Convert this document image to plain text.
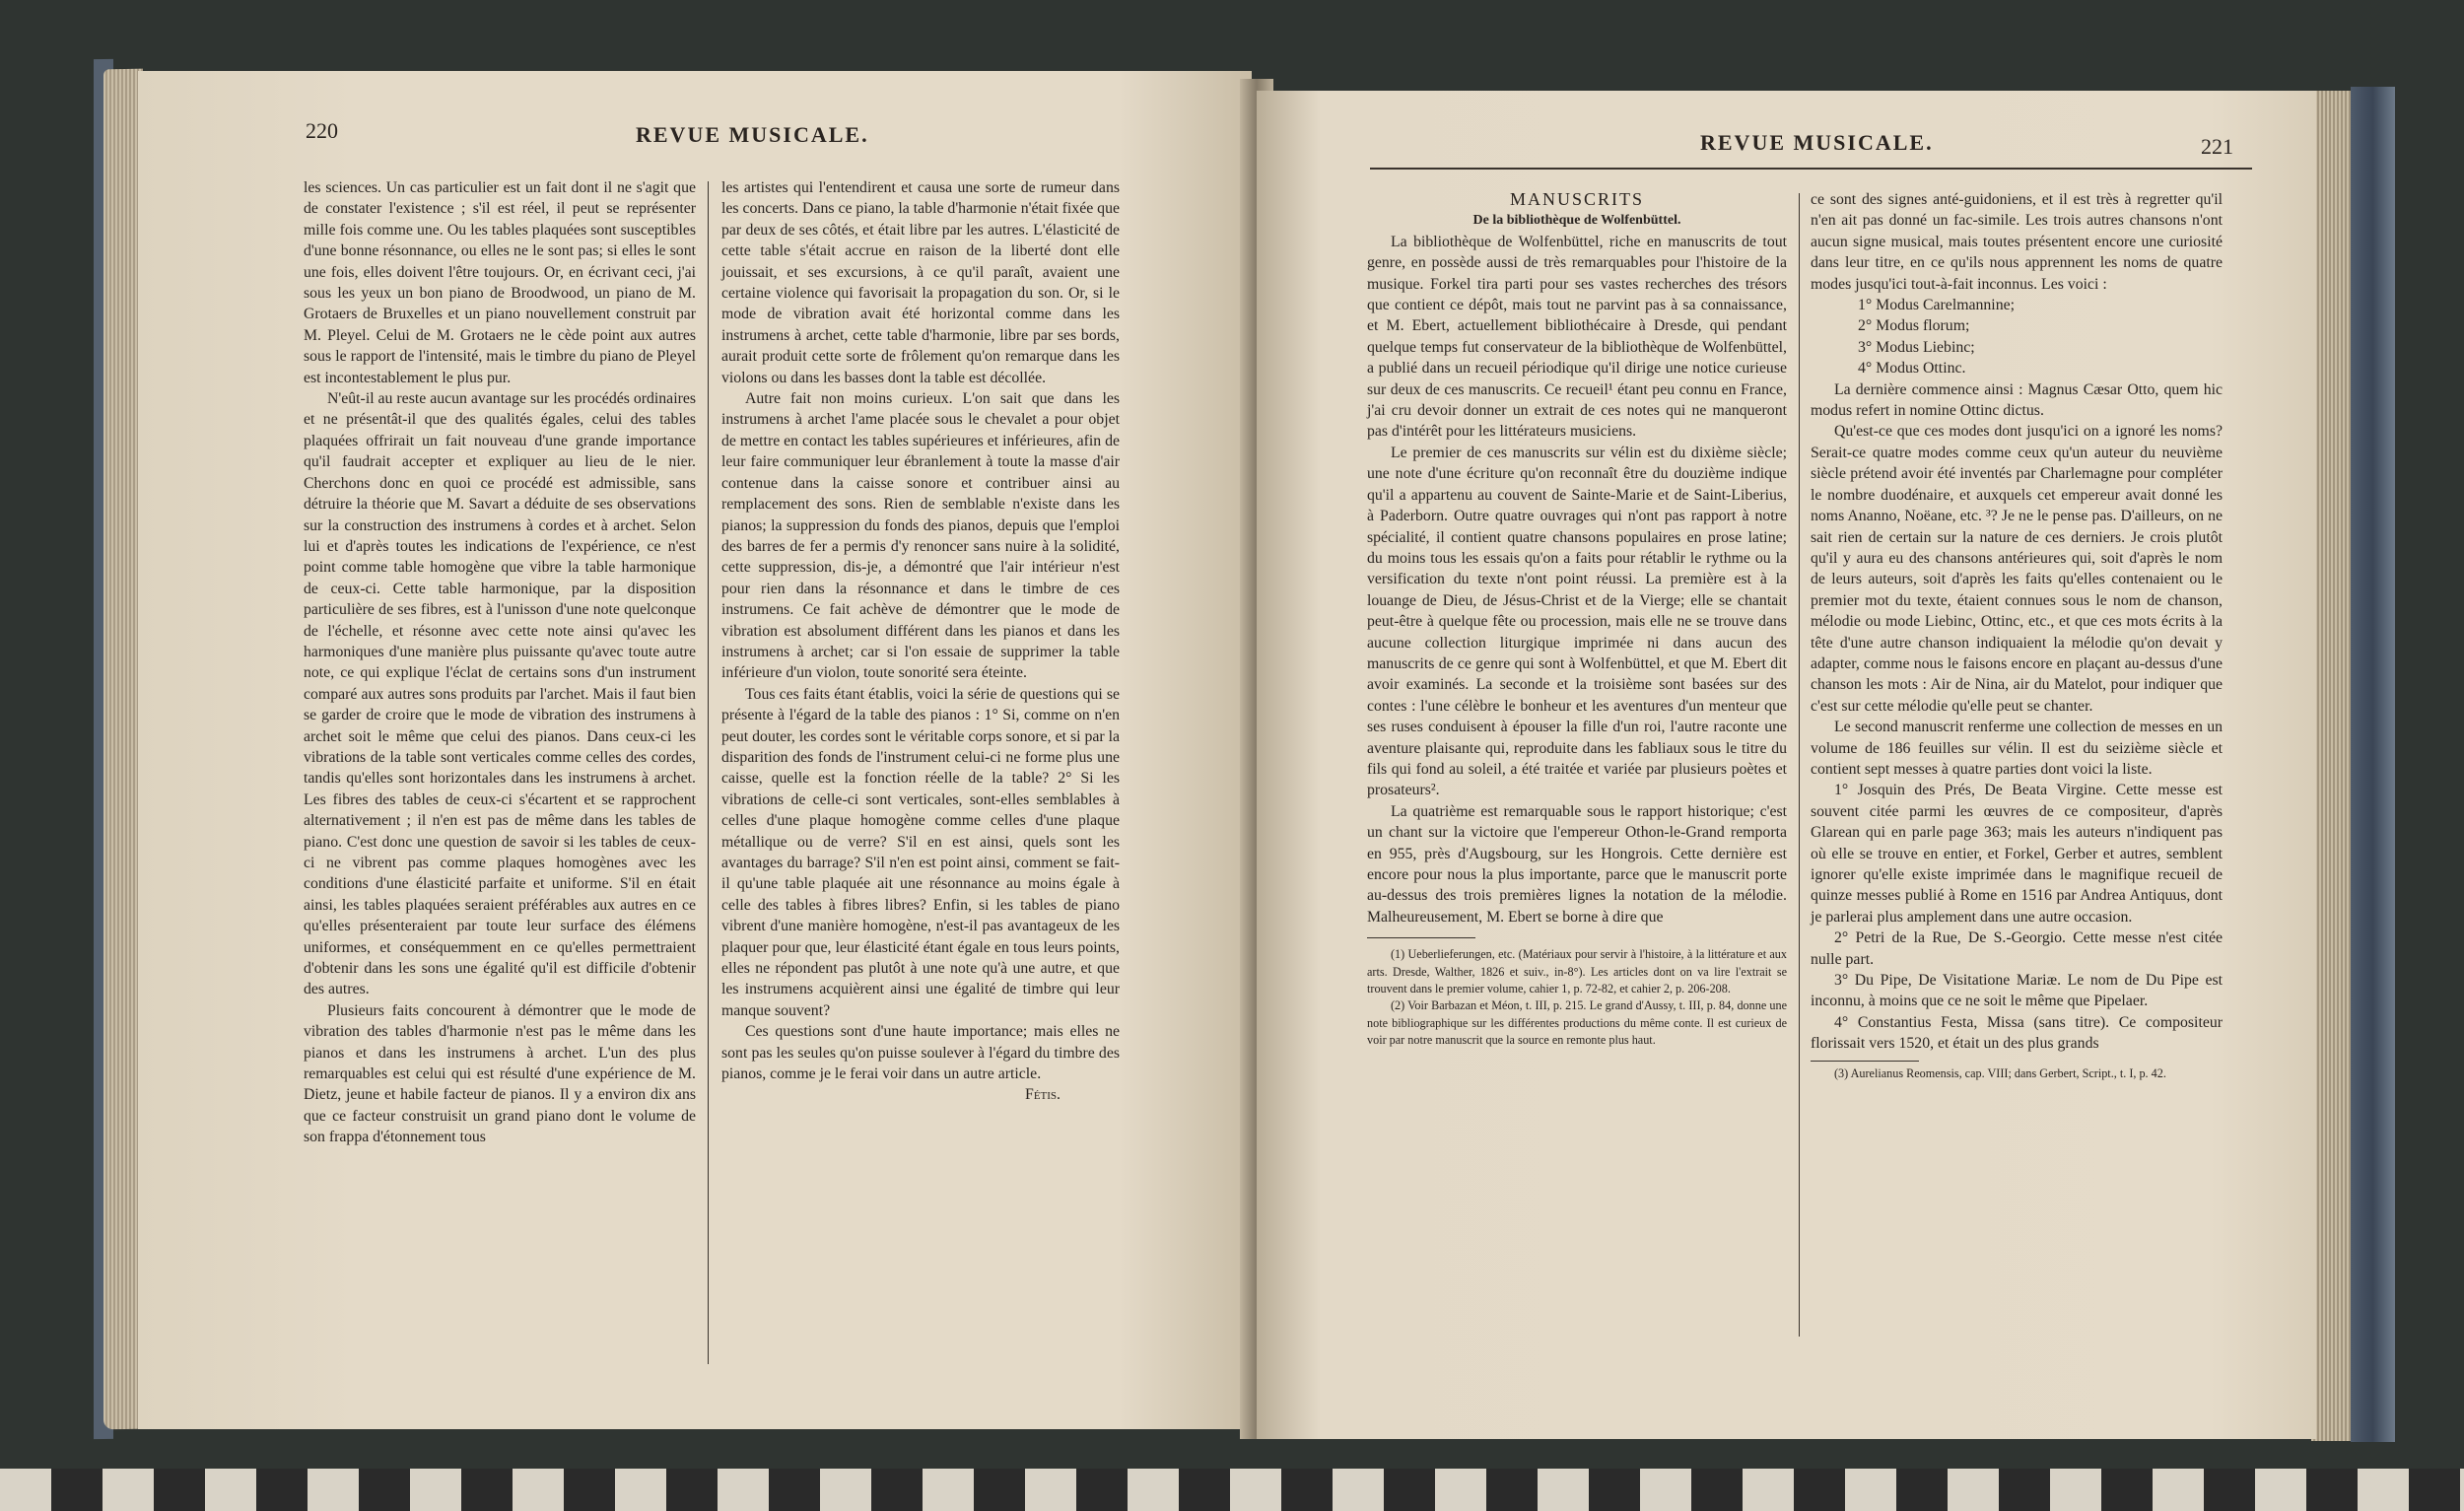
220	REVUE MUSICALE.

les sciences. Un cas particulier est un fait dont il ne s'agit que de constater l'existence ; s'il est réel, il peut se représenter mille fois comme une. Ou les tables plaquées sont susceptibles d'une bonne résonnance, ou elles ne le sont pas; si elles le sont une fois, elles doivent l'être toujours. Or, en écrivant ceci, j'ai sous les yeux un bon piano de Broodwood, un piano de M. Grotaers de Bruxelles et un piano nouvellement construit par M. Pleyel. Celui de M. Grotaers ne le cède point aux autres sous le rapport de l'intensité, mais le timbre du piano de Pleyel est incontestablement le plus pur.

N'eût-il au reste aucun avantage sur les procédés ordinaires et ne présentât-il que des qualités égales, celui des tables plaquées offrirait un fait nouveau d'une grande importance qu'il faudrait accepter et expliquer au lieu de le nier. Cherchons donc en quoi ce procédé est admissible, sans détruire la théorie que M. Savart a déduite de ses observations sur la construction des instrumens à cordes et à archet. Selon lui et d'après toutes les indications de l'expérience, ce n'est point comme table homogène que vibre la table harmonique de ceux-ci. Cette table harmonique, par la disposition particulière de ses fibres, est à l'unisson d'une note quelconque de l'échelle, et résonne avec cette note ainsi qu'avec les harmoniques d'une manière plus puissante qu'avec toute autre note, ce qui explique l'éclat de certains sons d'un instrument comparé aux autres sons produits par l'archet. Mais il faut bien se garder de croire que le mode de vibration des instrumens à archet soit le même que celui des pianos. Dans ceux-ci les vibrations de la table sont verticales comme celles des cordes, tandis qu'elles sont horizontales dans les instrumens à archet. Les fibres des tables de ceux-ci s'écartent et se rapprochent alternativement ; il n'en est pas de même dans les tables de piano. C'est donc une question de savoir si les tables de ceux-ci ne vibrent pas comme plaques homogènes avec les conditions d'une élasticité parfaite et uniforme. S'il en était ainsi, les tables plaquées seraient préférables aux autres en ce qu'elles présenteraient par toute leur surface des élémens uniformes, et conséquemment en ce qu'elles permettraient d'obtenir dans les sons une égalité qu'il est difficile d'obtenir des autres.

Plusieurs faits concourent à démontrer que le mode de vibration des tables d'harmonie n'est pas le même dans les pianos et dans les instrumens à archet. L'un des plus remarquables est celui qui est résulté d'une expérience de M. Dietz, jeune et habile facteur de pianos. Il y a environ dix ans que ce facteur construisit un grand piano dont le volume de son frappa d'étonnement tous

les artistes qui l'entendirent et causa une sorte de rumeur dans les concerts. Dans ce piano, la table d'harmonie n'était fixée que par deux de ses côtés, et était libre par les autres. L'élasticité de cette table s'était accrue en raison de la liberté dont elle jouissait, et ses excursions, à ce qu'il paraît, avaient une certaine violence qui favorisait la propagation du son. Or, si le mode de vibration avait été horizontal comme dans les instrumens à archet, cette table d'harmonie, libre par ses bords, aurait produit cette sorte de frôlement qu'on remarque dans les violons ou dans les basses dont la table est décollée.

Autre fait non moins curieux. L'on sait que dans les instrumens à archet l'ame placée sous le chevalet a pour objet de mettre en contact les tables supérieures et inférieures, afin de leur faire communiquer leur ébranlement à toute la masse d'air contenue dans la caisse sonore et contribuer ainsi au remplacement des sons. Rien de semblable n'existe dans les pianos; la suppression du fonds des pianos, depuis que l'emploi des barres de fer a permis d'y renoncer sans nuire à la solidité, cette suppression, dis-je, a démontré que l'air intérieur n'est pour rien dans la résonnance et dans le timbre de ces instrumens. Ce fait achève de démontrer que le mode de vibration est absolument différent dans les pianos et dans les instrumens à archet; car si l'on essaie de supprimer la table inférieure d'un violon, toute sonorité sera éteinte.

Tous ces faits étant établis, voici la série de questions qui se présente à l'égard de la table des pianos : 1° Si, comme on n'en peut douter, les cordes sont le véritable corps sonore, et si par la disparition des fonds de l'instrument celui-ci ne forme plus une caisse, quelle est la fonction réelle de la table? 2° Si les vibrations de celle-ci sont verticales, sont-elles semblables à celles d'une plaque homogène comme celles d'une plaque métallique ou de verre? S'il en est ainsi, quels sont les avantages du barrage? S'il n'en est point ainsi, comment se fait-il qu'une table plaquée ait une résonnance au moins égale à celle des tables à fibres libres? Enfin, si les tables de piano vibrent d'une manière homogène, n'est-il pas avantageux de les plaquer pour que, leur élasticité étant égale en tous leurs points, elles ne répondent pas plutôt à une note qu'à une autre, et que les instrumens acquièrent ainsi une égalité de timbre qui leur manque souvent?

Ces questions sont d'une haute importance; mais elles ne sont pas les seules qu'on puisse soulever à l'égard du timbre des pianos, comme je le ferai voir dans un autre article.

Fétis.

REVUE MUSICALE.	221

MANUSCRITS

De la bibliothèque de Wolfenbüttel.

La bibliothèque de Wolfenbüttel, riche en manuscrits de tout genre, en possède aussi de très remarquables pour l'histoire de la musique. Forkel tira parti pour ses vastes recherches des trésors que contient ce dépôt, mais tout ne parvint pas à sa connaissance, et M. Ebert, actuellement bibliothécaire à Dresde, qui pendant quelque temps fut conservateur de la bibliothèque de Wolfenbüttel, a publié dans un recueil périodique qu'il dirige une notice curieuse sur deux de ces manuscrits. Ce recueil¹ étant peu connu en France, j'ai cru devoir donner un extrait de ces notes qui ne manqueront pas d'intérêt pour les littérateurs musiciens.

Le premier de ces manuscrits sur vélin est du dixième siècle; une note d'une écriture qu'on reconnaît être du douzième indique qu'il a appartenu au couvent de Sainte-Marie et de Saint-Liberius, à Paderborn. Outre quatre ouvrages qui n'ont pas rapport à notre spécialité, il contient quatre chansons populaires en prose latine; du moins tous les essais qu'on a faits pour rétablir le rythme ou la versification du texte n'ont point réussi. La première est à la louange de Dieu, de Jésus-Christ et de la Vierge; elle se chantait peut-être à quelque fête ou procession, mais elle ne se trouve dans aucune collection liturgique imprimée ni dans aucun des manuscrits de ce genre qui sont à Wolfenbüttel, et que M. Ebert dit avoir examinés. La seconde et la troisième sont basées sur des contes : l'une célèbre le bonheur et les aventures d'un menteur que ses ruses conduisent à épouser la fille d'un roi, l'autre raconte une aventure plaisante qui, reproduite dans les fabliaux sous le titre du fils qui fond au soleil, a été traitée et variée par plusieurs poètes et prosateurs².

La quatrième est remarquable sous le rapport historique; c'est un chant sur la victoire que l'empereur Othon-le-Grand remporta en 955, près d'Augsbourg, sur les Hongrois. Cette dernière est encore pour nous la plus importante, parce que le manuscrit porte au-dessus des trois premières lignes la notation de la mélodie. Malheureusement, M. Ebert se borne à dire que

(1) Ueberlieferungen, etc. (Matériaux pour servir à l'histoire, à la littérature et aux arts. Dresde, Walther, 1826 et suiv., in-8°). Les articles dont on va lire l'extrait se trouvent dans le premier volume, cahier 1, p. 72-82, et cahier 2, p. 206-208.

(2) Voir Barbazan et Méon, t. III, p. 215. Le grand d'Aussy, t. III, p. 84, donne une note bibliographique sur les différentes productions du même conte. Il est curieux de voir par notre manuscrit que la source en remonte plus haut.

ce sont des signes anté-guidoniens, et il est très à regretter qu'il n'en ait pas donné un fac-simile. Les trois autres chansons n'ont aucun signe musical, mais toutes présentent encore une curiosité dans leur titre, en ce qu'ils nous apprennent les noms de quatre modes jusqu'ici tout-à-fait inconnus. Les voici :

1° Modus Carelmannine;

2° Modus florum;

3° Modus Liebinc;

4° Modus Ottinc.

La dernière commence ainsi : Magnus Cæsar Otto, quem hic modus refert in nomine Ottinc dictus.

Qu'est-ce que ces modes dont jusqu'ici on a ignoré les noms? Serait-ce quatre modes comme ceux qu'un auteur du neuvième siècle prétend avoir été inventés par Charlemagne pour compléter le nombre duodénaire, et auxquels cet empereur avait donné les noms Ananno, Noëane, etc. ³? Je ne le pense pas. D'ailleurs, on ne sait rien de certain sur la nature de ces derniers. Je crois plutôt qu'il y aura eu des chansons antérieures qui, soit d'après le nom de leurs auteurs, soit d'après les faits qu'elles contenaient ou le premier mot du texte, étaient connues sous le nom de chanson, mélodie ou mode Liebinc, Ottinc, etc., et que ces mots écrits à la tête d'une autre chanson indiquaient la mélodie qu'on devait y adapter, comme nous le faisons encore en plaçant au-dessus d'une chanson les mots : Air de Nina, air du Matelot, pour indiquer que c'est sur cette mélodie qu'elle peut se chanter.

Le second manuscrit renferme une collection de messes en un volume de 186 feuilles sur vélin. Il est du seizième siècle et contient sept messes à quatre parties dont voici la liste.

1° Josquin des Prés, De Beata Virgine. Cette messe est souvent citée parmi les œuvres de ce compositeur, d'après Glarean qui en parle page 363; mais les auteurs n'indiquent pas où elle se trouve en entier, et Forkel, Gerber et autres, semblent ignorer qu'elle existe imprimée dans le magnifique recueil de quinze messes publié à Rome en 1516 par Andrea Antiquus, dont je parlerai plus amplement dans une autre occasion.

2° Petri de la Rue, De S.-Georgio. Cette messe n'est citée nulle part.

3° Du Pipe, De Visitatione Mariæ. Le nom de Du Pipe est inconnu, à moins que ce ne soit le même que Pipelaer.

4° Constantius Festa, Missa (sans titre). Ce compositeur florissait vers 1520, et était un des plus grands

(3) Aurelianus Reomensis, cap. VIII; dans Gerbert, Script., t. I, p. 42.
